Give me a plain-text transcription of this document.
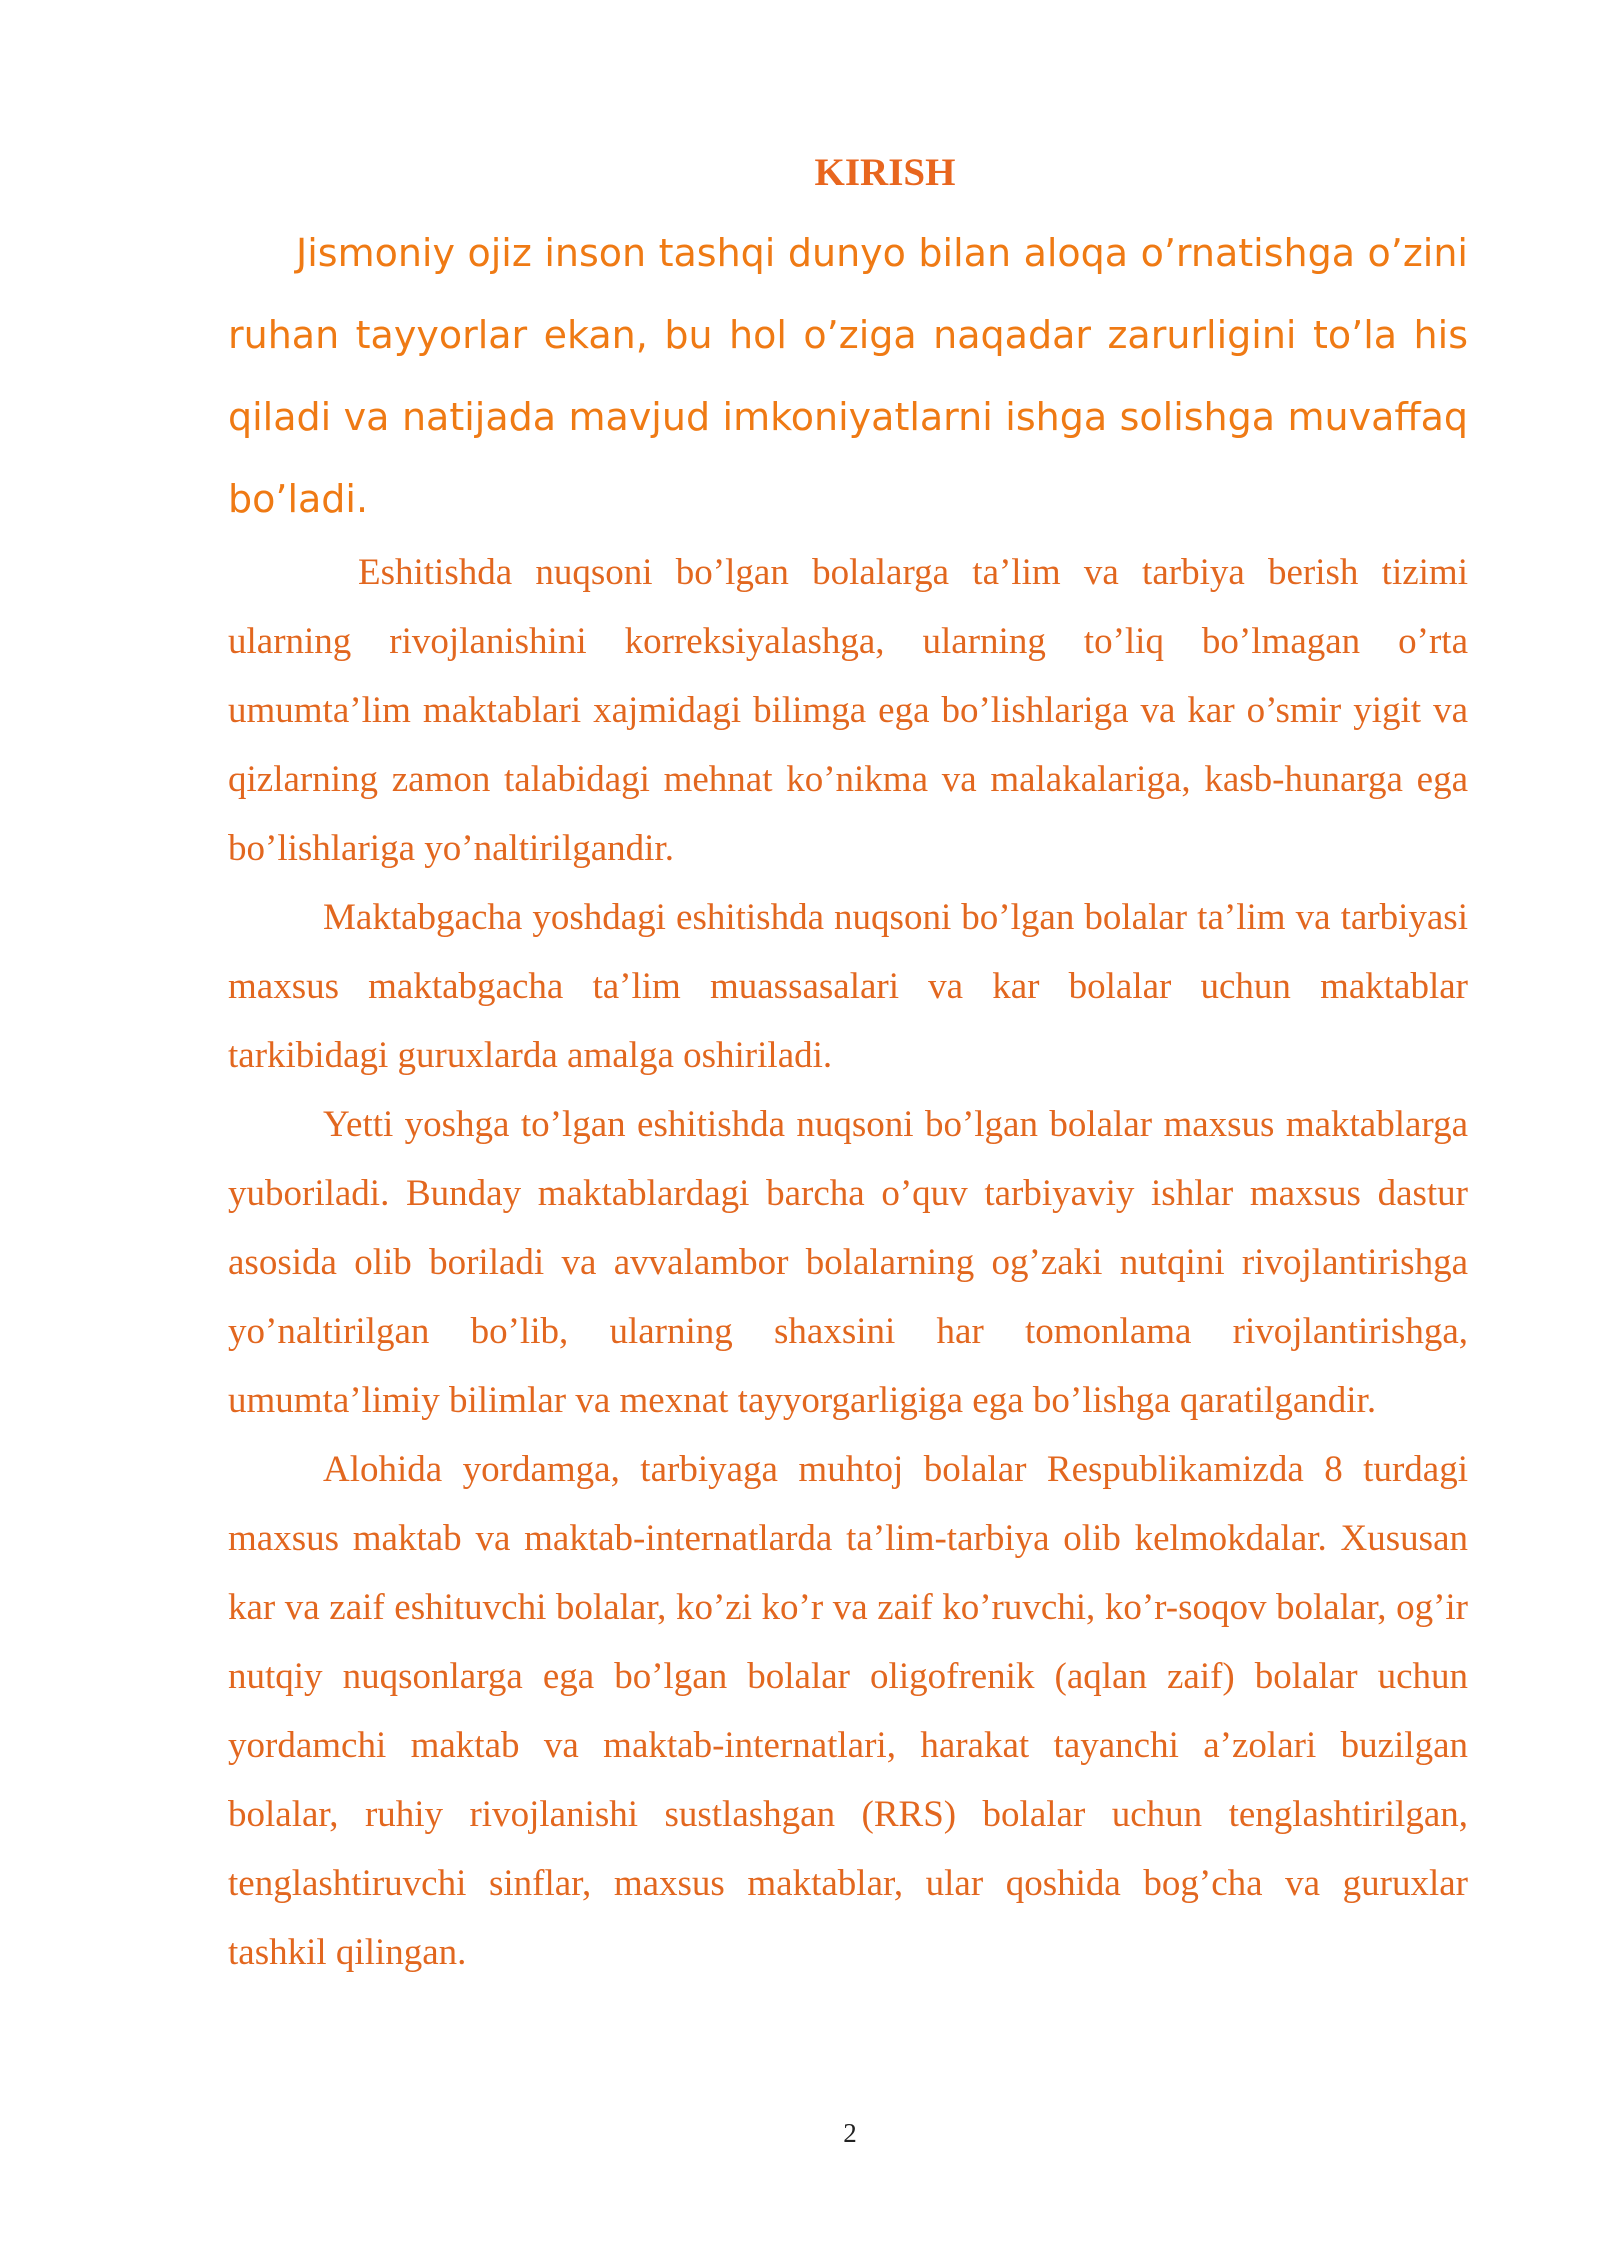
KIRISH

Jismoniy ojiz inson tashqi dunyo bilan aloqa o’rnatishga o’zini ruhan tayyorlar ekan, bu hol o’ziga naqadar zarurligini to’la his qiladi va natijada mavjud imkoniyatlarni ishga solishga muvaffaq bo’ladi.

Eshitishda nuqsoni bo’lgan bolalarga ta’lim va tarbiya berish tizimi ularning rivojlanishini korreksiyalashga, ularning to’liq bo’lmagan o’rta umumta’lim maktablari xajmidagi bilimga ega bo’lishlariga va kar o’smir yigit va qizlarning zamon talabidagi mehnat ko’nikma va malakalariga, kasb-hunarga ega bo’lishlariga yo’naltirilgandir.

Maktabgacha yoshdagi eshitishda nuqsoni bo’lgan bolalar ta’lim va tarbiyasi maxsus maktabgacha ta’lim muassasalari va kar bolalar uchun maktablar tarkibidagi guruxlarda amalga oshiriladi.

Yetti yoshga to’lgan eshitishda nuqsoni bo’lgan bolalar maxsus maktablarga yuboriladi. Bunday maktablardagi barcha o’quv tarbiyaviy ishlar maxsus dastur asosida olib boriladi va avvalambor bolalarning og’zaki nutqini rivojlantirishga yo’naltirilgan bo’lib, ularning shaxsini har tomonlama rivojlantirishga, umumta’limiy bilimlar va mexnat tayyorgarligiga ega bo’lishga qaratilgandir.

Alohida yordamga, tarbiyaga muhtoj bolalar Respublikamizda 8 turdagi maxsus maktab va maktab-internatlarda ta’lim-tarbiya olib kelmokdalar. Xususan kar va zaif eshituvchi bolalar, ko’zi ko’r va zaif ko’ruvchi, ko’r-soqov bolalar, og’ir nutqiy nuqsonlarga ega bo’lgan bolalar oligofrenik (aqlan zaif) bolalar uchun yordamchi maktab va maktab-internatlari, harakat tayanchi a’zolari buzilgan bolalar, ruhiy rivojlanishi sustlashgan (RRS) bolalar uchun tenglashtirilgan, tenglashtiruvchi sinflar, maxsus maktablar, ular qoshida bog’cha va guruxlar tashkil qilingan.

2
